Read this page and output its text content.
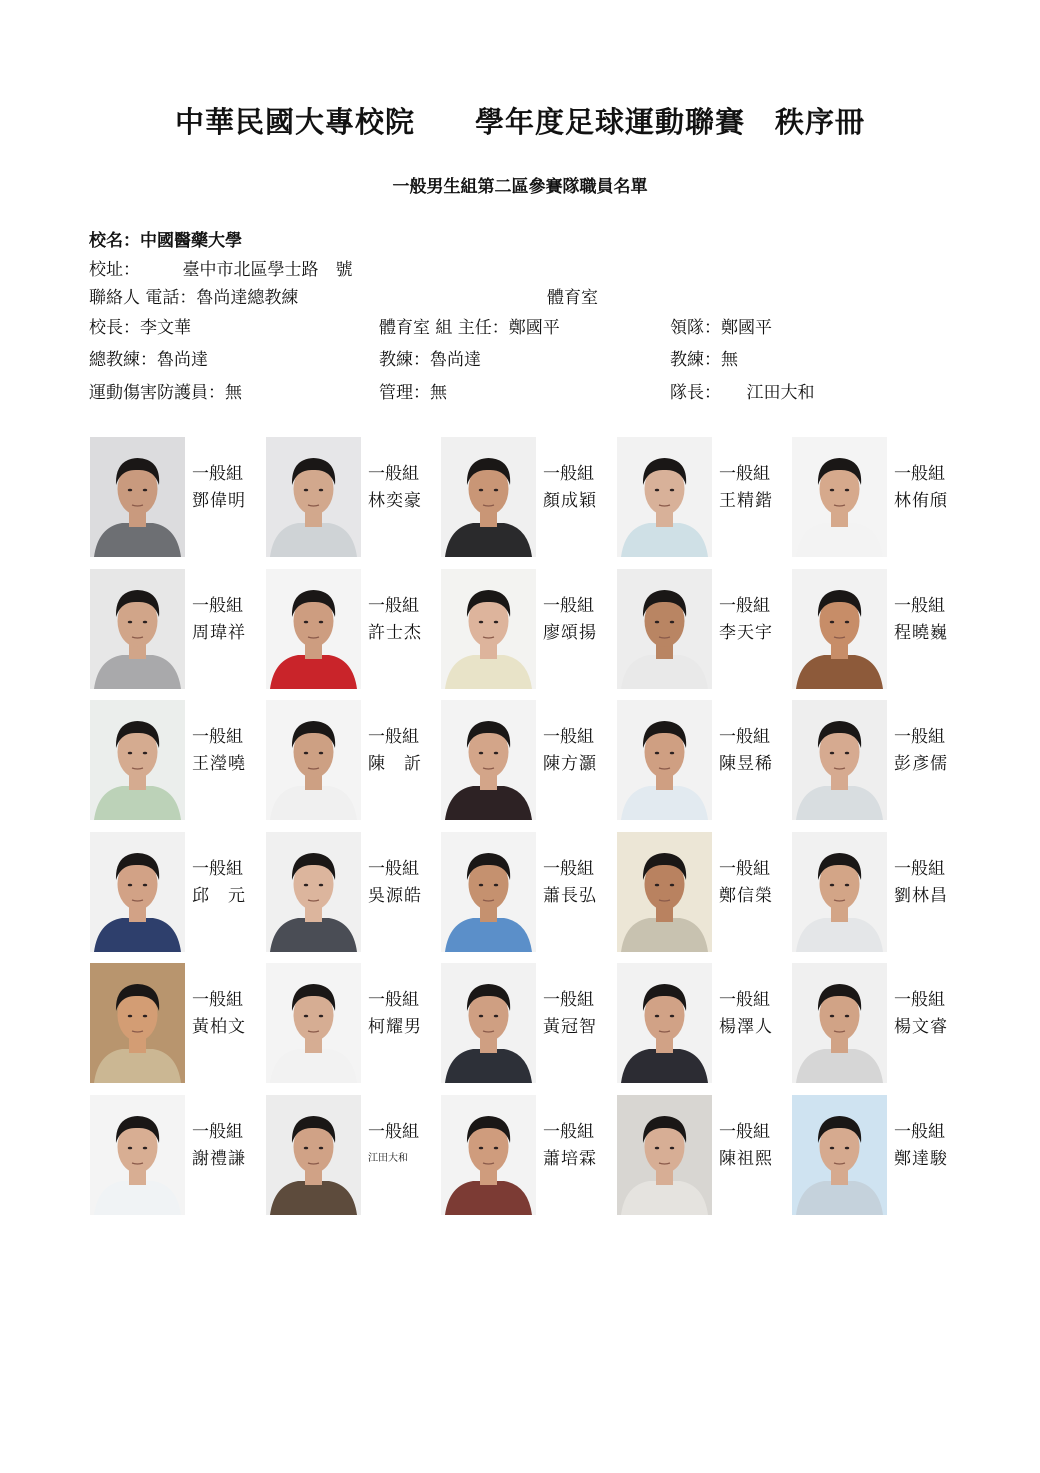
中華民國大專校院　　學年度足球運動聯賽　秩序冊
一般男生組第二區參賽隊職員名單
校名：中國醫藥大學
校址：　　　臺中市北區學士路　號
聯絡人 電話：魯尚達總教練	體育室
校長：李文華	體育室 組 主任：鄭國平	領隊：鄭國平
總教練：魯尚達	教練：魯尚達	教練：無
運動傷害防護員：無	管理：無	隊長：　　江田大和
一般組
鄧偉明
一般組
林奕豪
一般組
顏成穎
一般組
王精鍇
一般組
林侑頎
一般組
周瑋祥
一般組
許士杰
一般組
廖頌揚
一般組
李天宇
一般組
程曉巍
一般組
王瀅嘵
一般組
陳　訢
一般組
陳方灝
一般組
陳昱稀
一般組
彭彥儒
一般組
邱　元
一般組
吳源皓
一般組
蕭長弘
一般組
鄭信榮
一般組
劉林昌
一般組
黃柏文
一般組
柯耀男
一般組
黃冠智
一般組
楊澤人
一般組
楊文睿
一般組
謝禮謙
一般組
江田大和
一般組
蕭培霖
一般組
陳祖熙
一般組
鄭達駿
